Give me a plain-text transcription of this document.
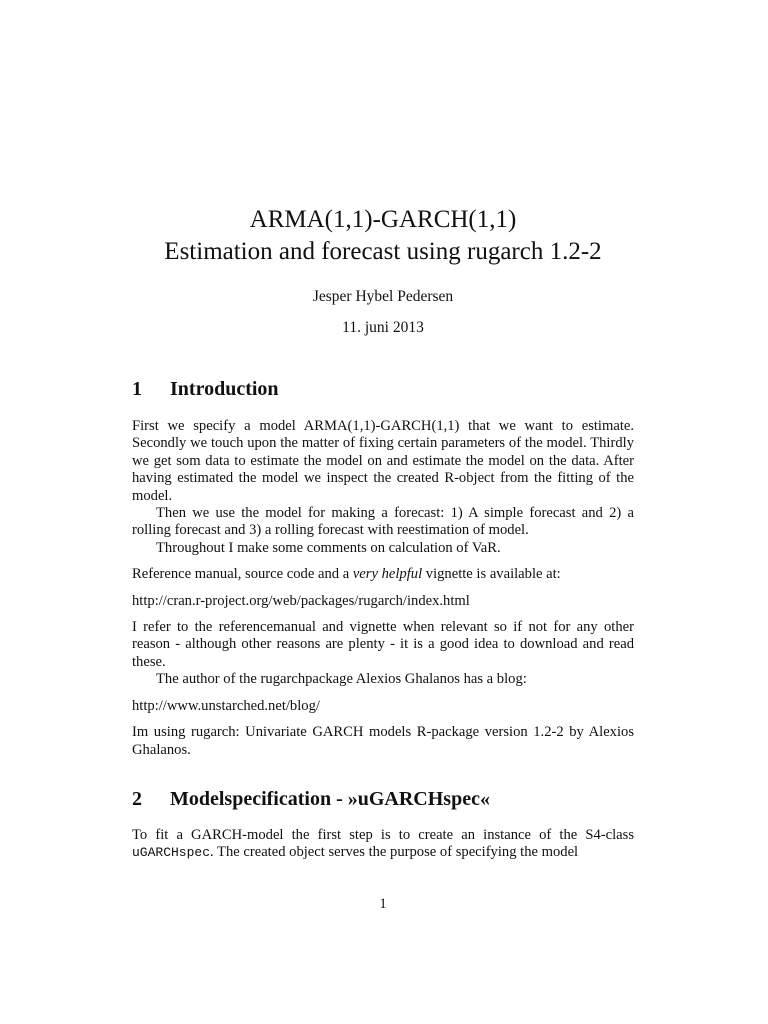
ARMA(1,1)-GARCH(1,1)
Estimation and forecast using rugarch 1.2-2
Jesper Hybel Pedersen
11. juni 2013
1 Introduction

First we specify a model ARMA(1,1)-GARCH(1,1) that we want to estimate. Secondly we touch upon the matter of fixing certain parameters of the model. Thirdly we get som data to estimate the model on and estimate the model on the data. After having estimated the model we inspect the created R-object from the fitting of the model.

Then we use the model for making a forecast: 1) A simple forecast and 2) a rolling forecast and 3) a rolling forecast with reestimation of model.

Throughout I make some comments on calculation of VaR.

Reference manual, source code and a very helpful vignette is available at:

http://cran.r-project.org/web/packages/rugarch/index.html

I refer to the referencemanual and vignette when relevant so if not for any other reason - although other reasons are plenty - it is a good idea to download and read these.

The author of the rugarchpackage Alexios Ghalanos has a blog:

http://www.unstarched.net/blog/

Im using rugarch: Univariate GARCH models R-package version 1.2-2 by Alexios Ghalanos.

2 Modelspecification - »uGARCHspec«

To fit a GARCH-model the first step is to create an instance of the S4-class uGARCHspec. The created object serves the purpose of specifying the model

1
